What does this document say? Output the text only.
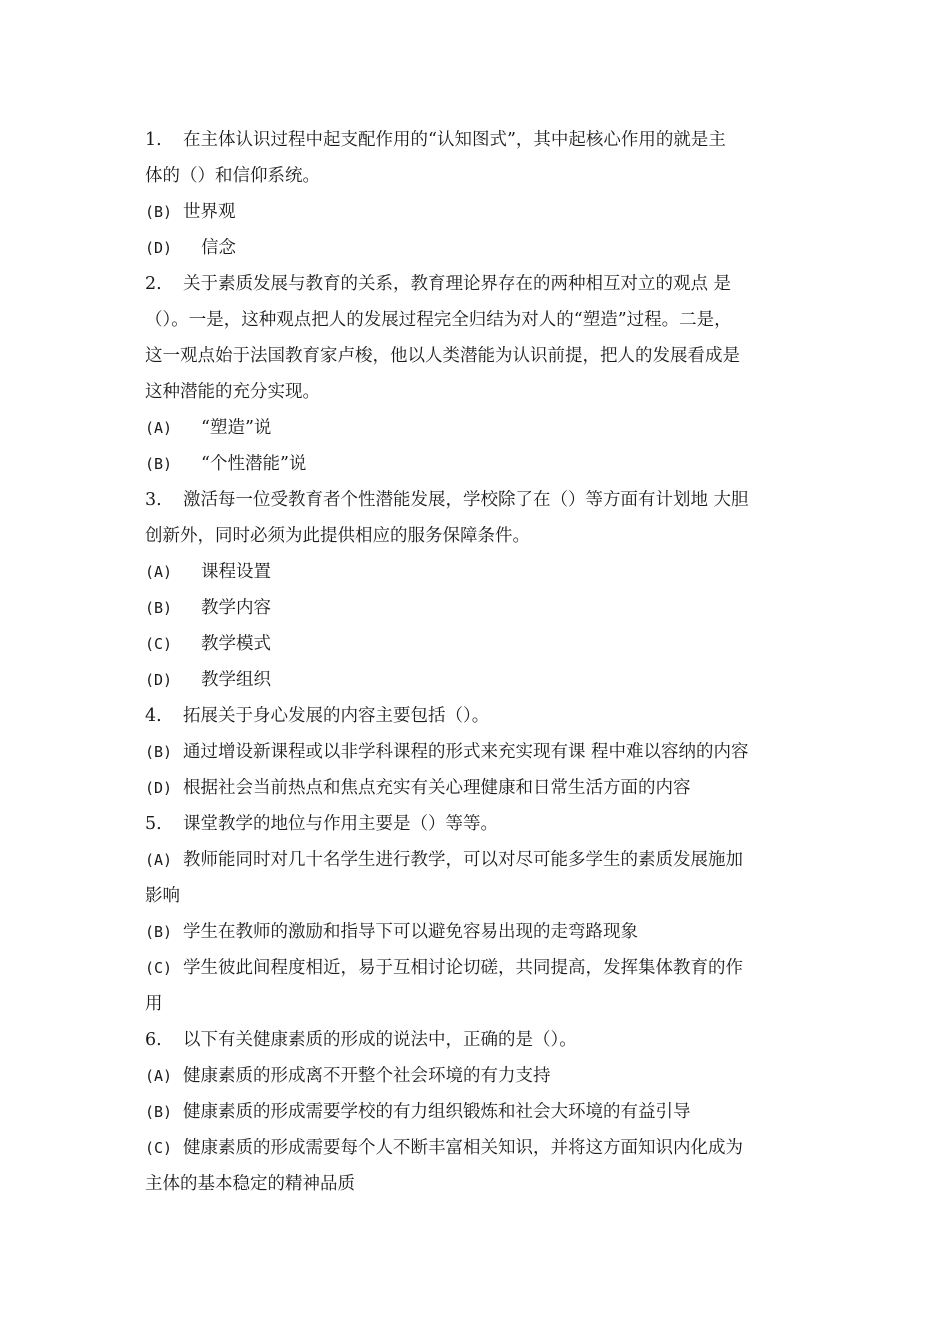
1. 在主体认识过程中起支配作用的“认知图式”，其中起核心作用的就是主
体的（）和信仰系统。
(B) 世界观
(D) 信念
2. 关于素质发展与教育的关系，教育理论界存在的两种相互对立的观点 是
（）。一是，这种观点把人的发展过程完全归结为对人的“塑造”过程。二是，
这一观点始于法国教育家卢梭，他以人类潜能为认识前提，把人的发展看成是
这种潜能的充分实现。
(A) “塑造”说
(B) “个性潜能”说
3. 激活每一位受教育者个性潜能发展，学校除了在（）等方面有计划地 大胆
创新外，同时必须为此提供相应的服务保障条件。
(A) 课程设置
(B) 教学内容
(C) 教学模式
(D) 教学组织
4. 拓展关于身心发展的内容主要包括（）。
(B) 通过增设新课程或以非学科课程的形式来充实现有课 程中难以容纳的内容
(D) 根据社会当前热点和焦点充实有关心理健康和日常生活方面的内容
5. 课堂教学的地位与作用主要是（）等等。
(A) 教师能同时对几十名学生进行教学，可以对尽可能多学生的素质发展施加
影响
(B) 学生在教师的激励和指导下可以避免容易出现的走弯路现象
(C) 学生彼此间程度相近，易于互相讨论切磋，共同提高，发挥集体教育的作
用
6. 以下有关健康素质的形成的说法中，正确的是（）。
(A) 健康素质的形成离不开整个社会环境的有力支持
(B) 健康素质的形成需要学校的有力组织锻炼和社会大环境的有益引导
(C) 健康素质的形成需要每个人不断丰富相关知识，并将这方面知识内化成为
主体的基本稳定的精神品质
